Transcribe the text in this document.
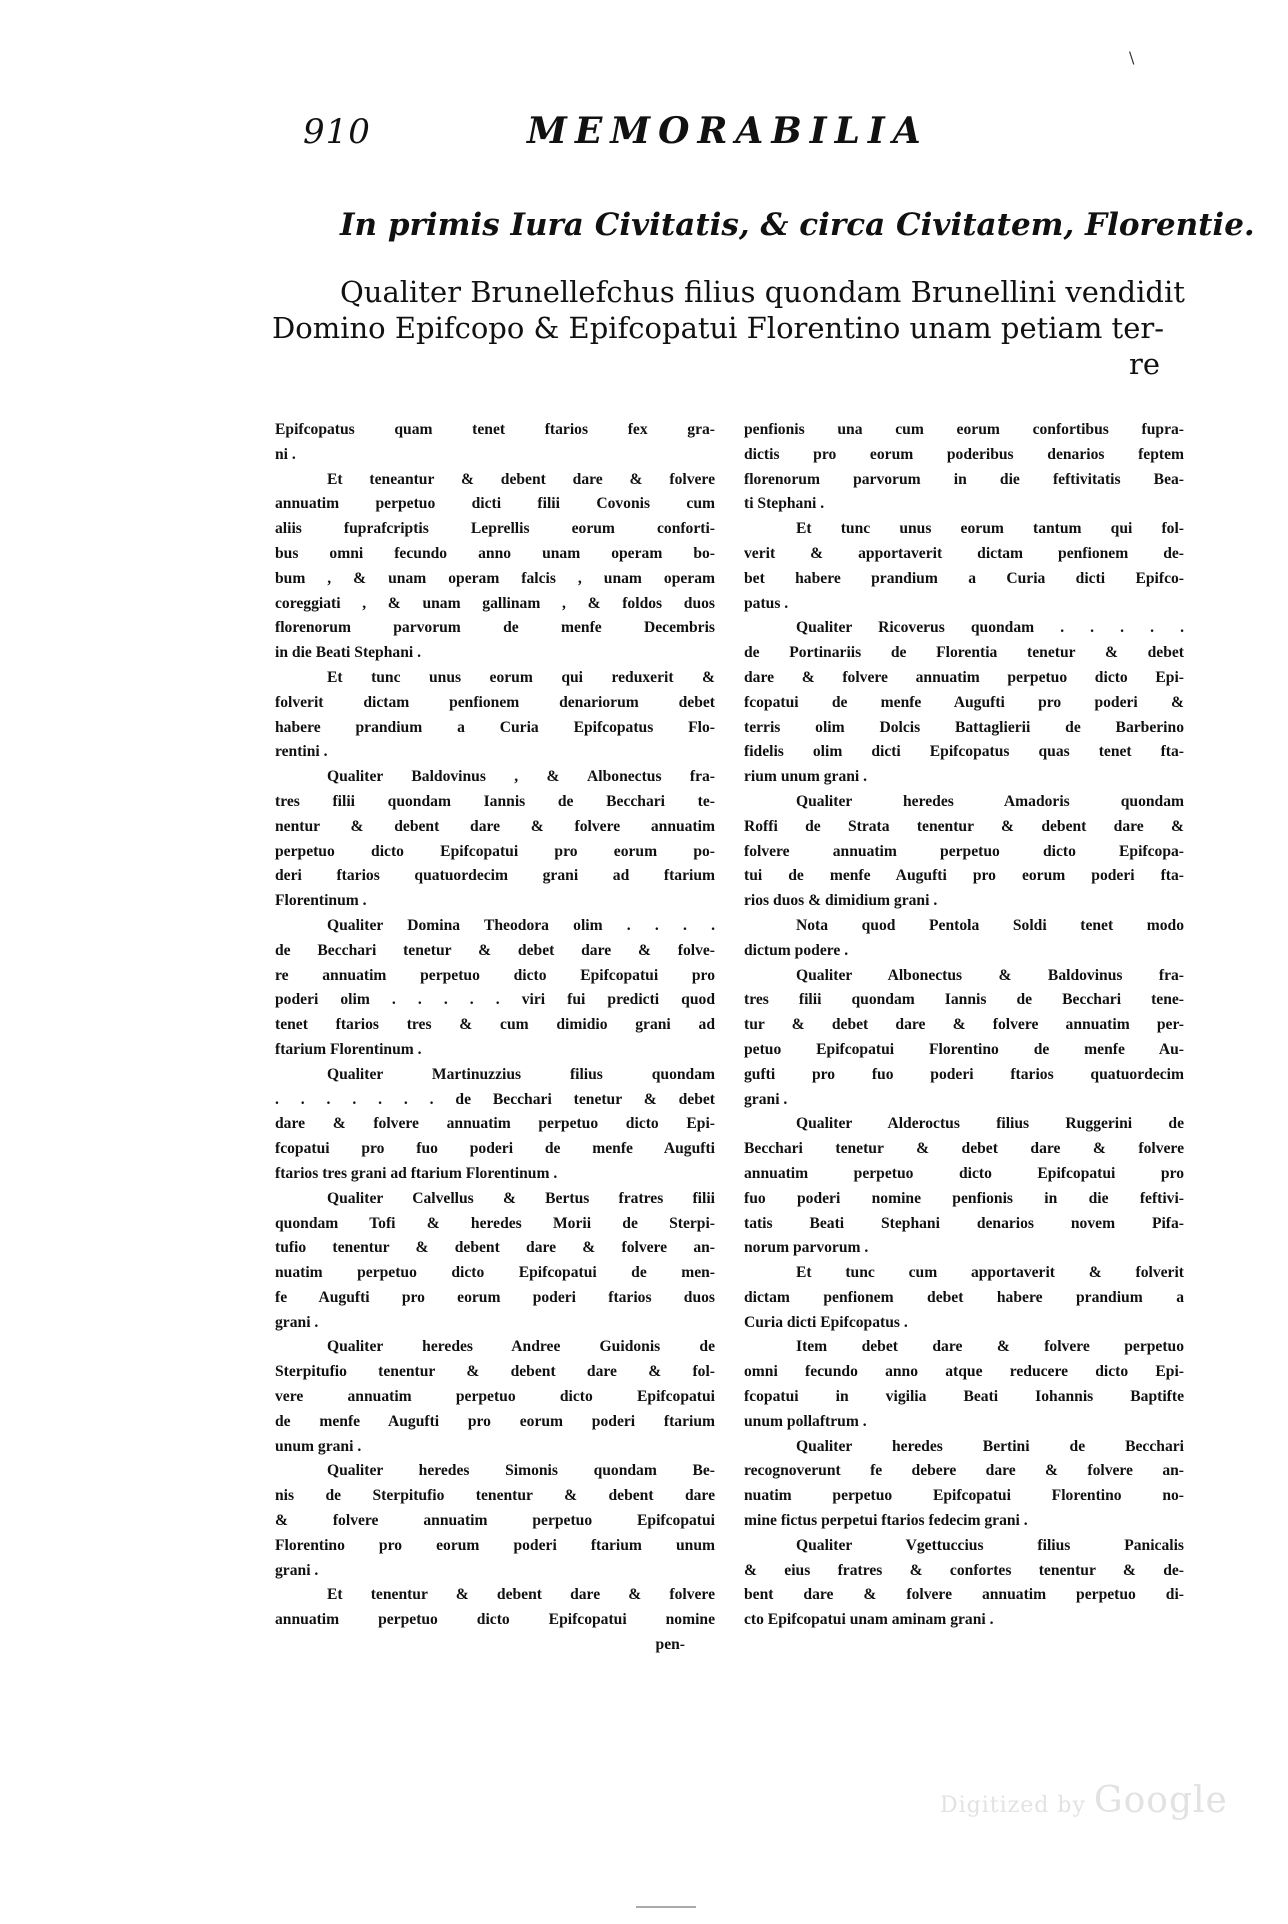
\
910	MEMORABILIA
In primis Iura Civitatis, & circa Civitatem, Florentie.
Qualiter Brunellefchus filius quondam Brunellini vendidit
Domino Epifcopo & Epifcopatui Florentino unam petiam ter-
re
Epifcopatus quam tenet ftarios fex gra-
ni .
Et teneantur & debent dare & folvere
annuatim perpetuo dicti filii Covonis cum
aliis fuprafcriptis Leprellis eorum conforti-
bus omni fecundo anno unam operam bo-
bum , & unam operam falcis , unam operam
coreggiati , & unam gallinam , & foldos duos
florenorum parvorum de menfe Decembris
in die Beati Stephani .
Et tunc unus eorum qui reduxerit &
folverit dictam penfionem denariorum debet
habere prandium a Curia Epifcopatus Flo-
rentini .
Qualiter Baldovinus , & Albonectus fra-
tres filii quondam Iannis de Becchari te-
nentur & debent dare & folvere annuatim
perpetuo dicto Epifcopatui pro eorum po-
deri ftarios quatuordecim grani ad ftarium
Florentinum .
Qualiter Domina Theodora olim . . . .
de Becchari tenetur & debet dare & folve-
re annuatim perpetuo dicto Epifcopatui pro
poderi olim . . . . . viri fui predicti quod
tenet ftarios tres & cum dimidio grani ad
ftarium Florentinum .
Qualiter Martinuzzius filius quondam
. . . . . . . de Becchari tenetur & debet
dare & folvere annuatim perpetuo dicto Epi-
fcopatui pro fuo poderi de menfe Augufti
ftarios tres grani ad ftarium Florentinum .
Qualiter Calvellus & Bertus fratres filii
quondam Tofi & heredes Morii de Sterpi-
tufio tenentur & debent dare & folvere an-
nuatim perpetuo dicto Epifcopatui de men-
fe Augufti pro eorum poderi ftarios duos
grani .
Qualiter heredes Andree Guidonis de
Sterpitufio tenentur & debent dare & fol-
vere annuatim perpetuo dicto Epifcopatui
de menfe Augufti pro eorum poderi ftarium
unum grani .
Qualiter heredes Simonis quondam Be-
nis de Sterpitufio tenentur & debent dare
& folvere annuatim perpetuo Epifcopatui
Florentino pro eorum poderi ftarium unum
grani .
Et tenentur & debent dare & folvere
annuatim perpetuo dicto Epifcopatui nomine
pen-
penfionis una cum eorum confortibus fupra-
dictis pro eorum poderibus denarios feptem
florenorum parvorum in die feftivitatis Bea-
ti Stephani .
Et tunc unus eorum tantum qui fol-
verit & apportaverit dictam penfionem de-
bet habere prandium a Curia dicti Epifco-
patus .
Qualiter Ricoverus quondam . . . . .
de Portinariis de Florentia tenetur & debet
dare & folvere annuatim perpetuo dicto Epi-
fcopatui de menfe Augufti pro poderi &
terris olim Dolcis Battaglierii de Barberino
fidelis olim dicti Epifcopatus quas tenet fta-
rium unum grani .
Qualiter heredes Amadoris quondam
Roffi de Strata tenentur & debent dare &
folvere annuatim perpetuo dicto Epifcopa-
tui de menfe Augufti pro eorum poderi fta-
rios duos & dimidium grani .
Nota quod Pentola Soldi tenet modo
dictum podere .
Qualiter Albonectus & Baldovinus fra-
tres filii quondam Iannis de Becchari tene-
tur & debet dare & folvere annuatim per-
petuo Epifcopatui Florentino de menfe Au-
gufti pro fuo poderi ftarios quatuordecim
grani .
Qualiter Alderoctus filius Ruggerini de
Becchari tenetur & debet dare & folvere
annuatim perpetuo dicto Epifcopatui pro
fuo poderi nomine penfionis in die feftivi-
tatis Beati Stephani denarios novem Pifa-
norum parvorum .
Et tunc cum apportaverit & folverit
dictam penfionem debet habere prandium a
Curia dicti Epifcopatus .
Item debet dare & folvere perpetuo
omni fecundo anno atque reducere dicto Epi-
fcopatui in vigilia Beati Iohannis Baptifte
unum pollaftrum .
Qualiter heredes Bertini de Becchari
recognoverunt fe debere dare & folvere an-
nuatim perpetuo Epifcopatui Florentino no-
mine fictus perpetui ftarios fedecim grani .
Qualiter Vgettuccius filius Panicalis
& eius fratres & confortes tenentur & de-
bent dare & folvere annuatim perpetuo di-
cto Epifcopatui unam aminam grani .
Digitized by Google
